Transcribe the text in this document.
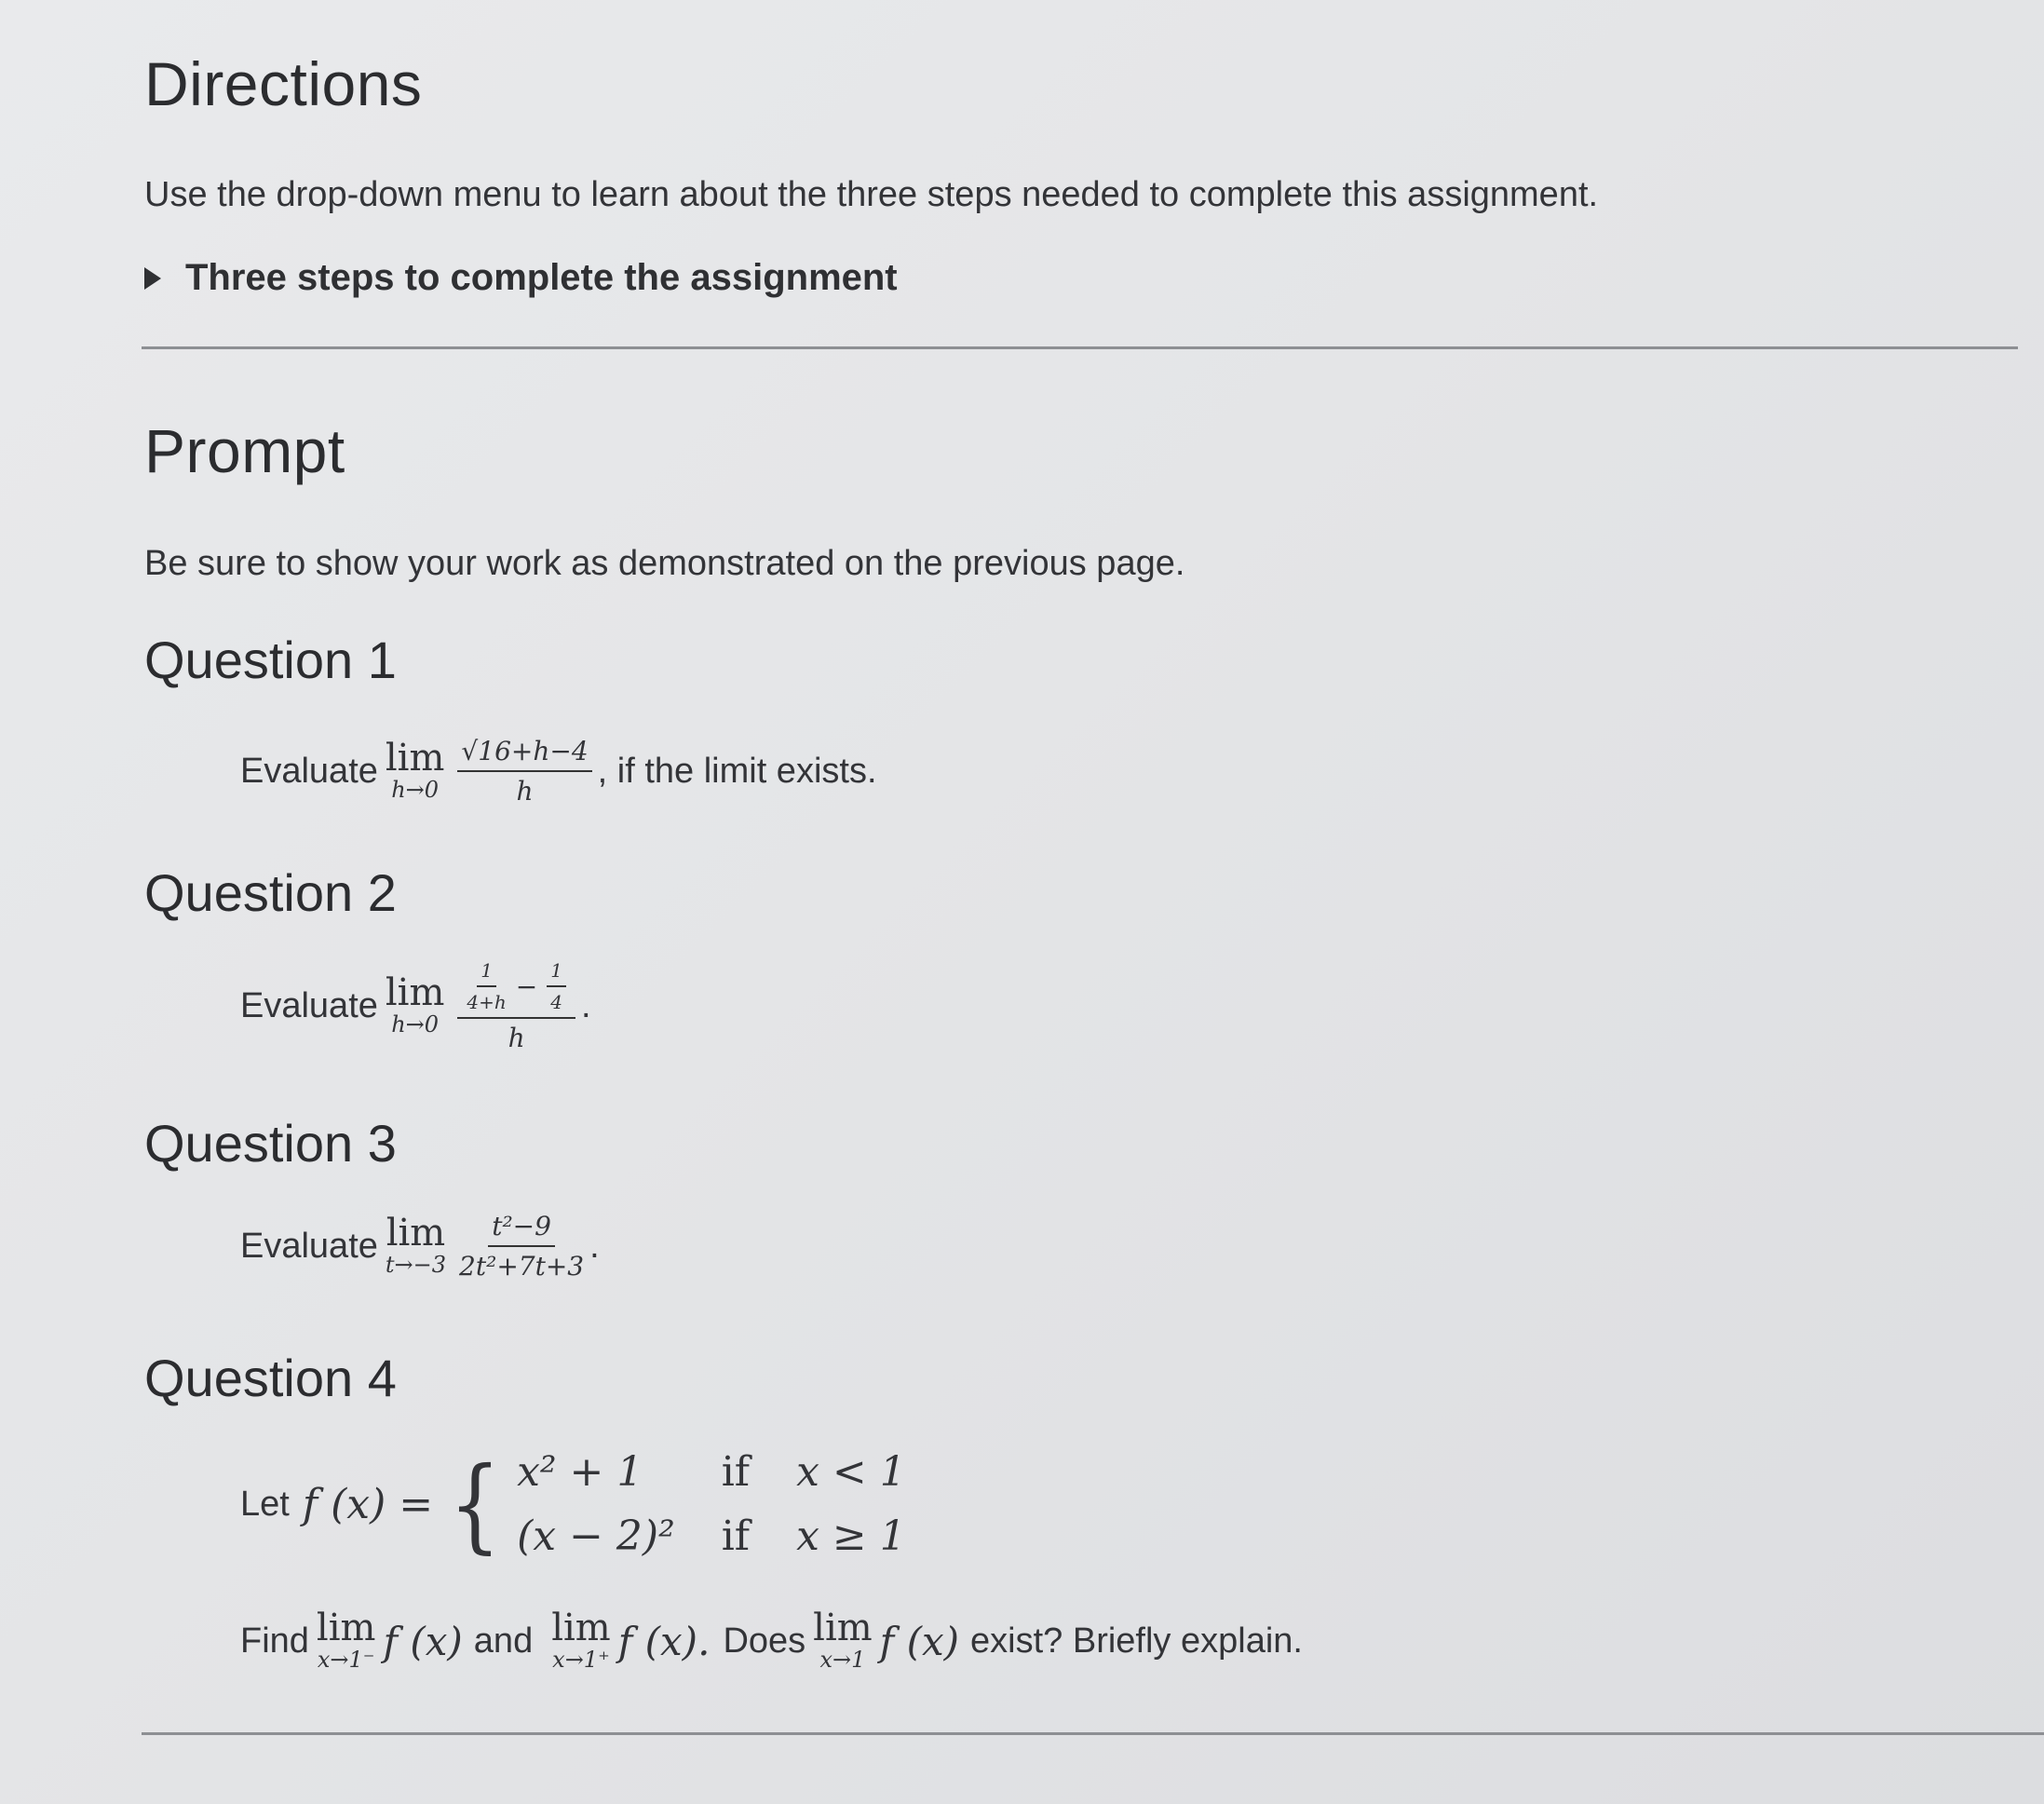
Directions
Use the drop-down menu to learn about the three steps needed to complete this assignment.
Three steps to complete the assignment
Prompt
Be sure to show your work as demonstrated on the previous page.
Question 1
Evaluate lim
$h\to 0 \frac{√16+h-4}{h}$ , if the limit exists.
Question 2
Evaluate lim
h→0
$\frac{1}{4+h} - \frac{1}{4}$
h
.
Question 3
Evaluate lim
$t\to-3 \frac{\text{t²−9}}{\text{2t²+7t+3}}$ .
Question 4
Let f (x) = { x² + 1	if x < 1
(x − 2)² if x ≥ 1
Find lim
x→1⁻ f (x) and lim
x→1⁺ f (x). Does lim
x→1 f (x) exist? Briefly explain.
